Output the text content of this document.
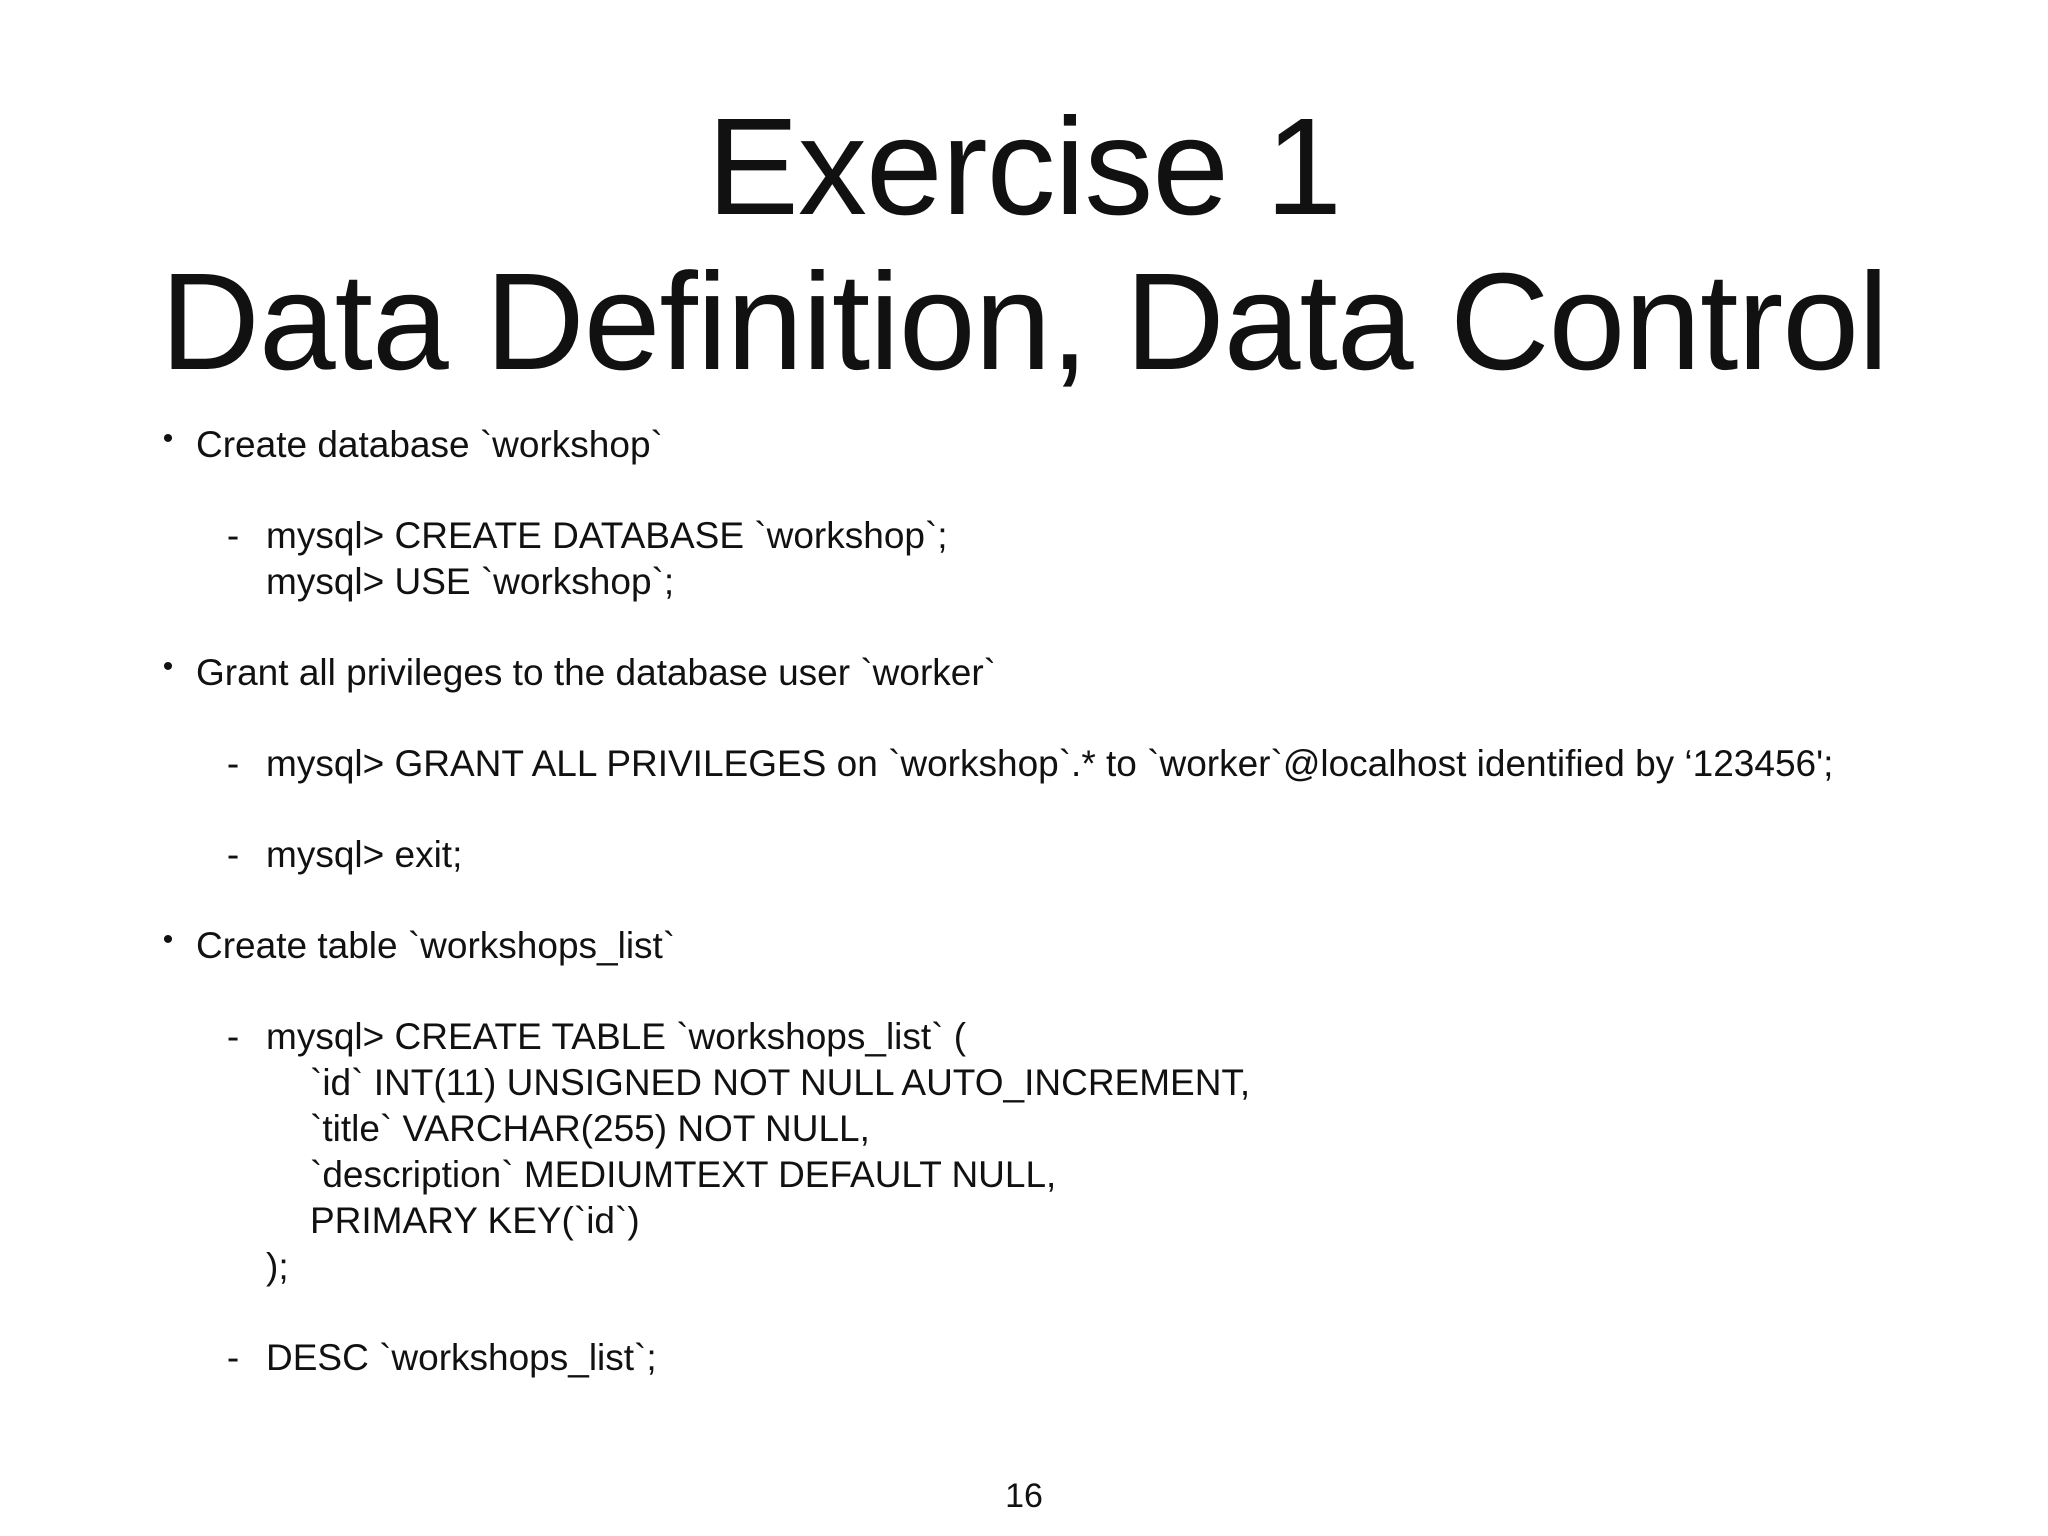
Exercise 1
Data Definition, Data Control
• Create database `workshop`
- mysql> CREATE DATABASE `workshop`;
mysql> USE `workshop`;
• Grant all privileges to the database user `worker`
- mysql> GRANT ALL PRIVILEGES on `workshop`.* to `worker`@localhost identified by ‘123456';
- mysql> exit;
• Create table `workshops_list`
- mysql> CREATE TABLE `workshops_list` (
`id` INT(11) UNSIGNED NOT NULL AUTO_INCREMENT,
`title` VARCHAR(255) NOT NULL,
`description` MEDIUMTEXT DEFAULT NULL,
PRIMARY KEY(`id`)
);
- DESC `workshops_list`;
16
